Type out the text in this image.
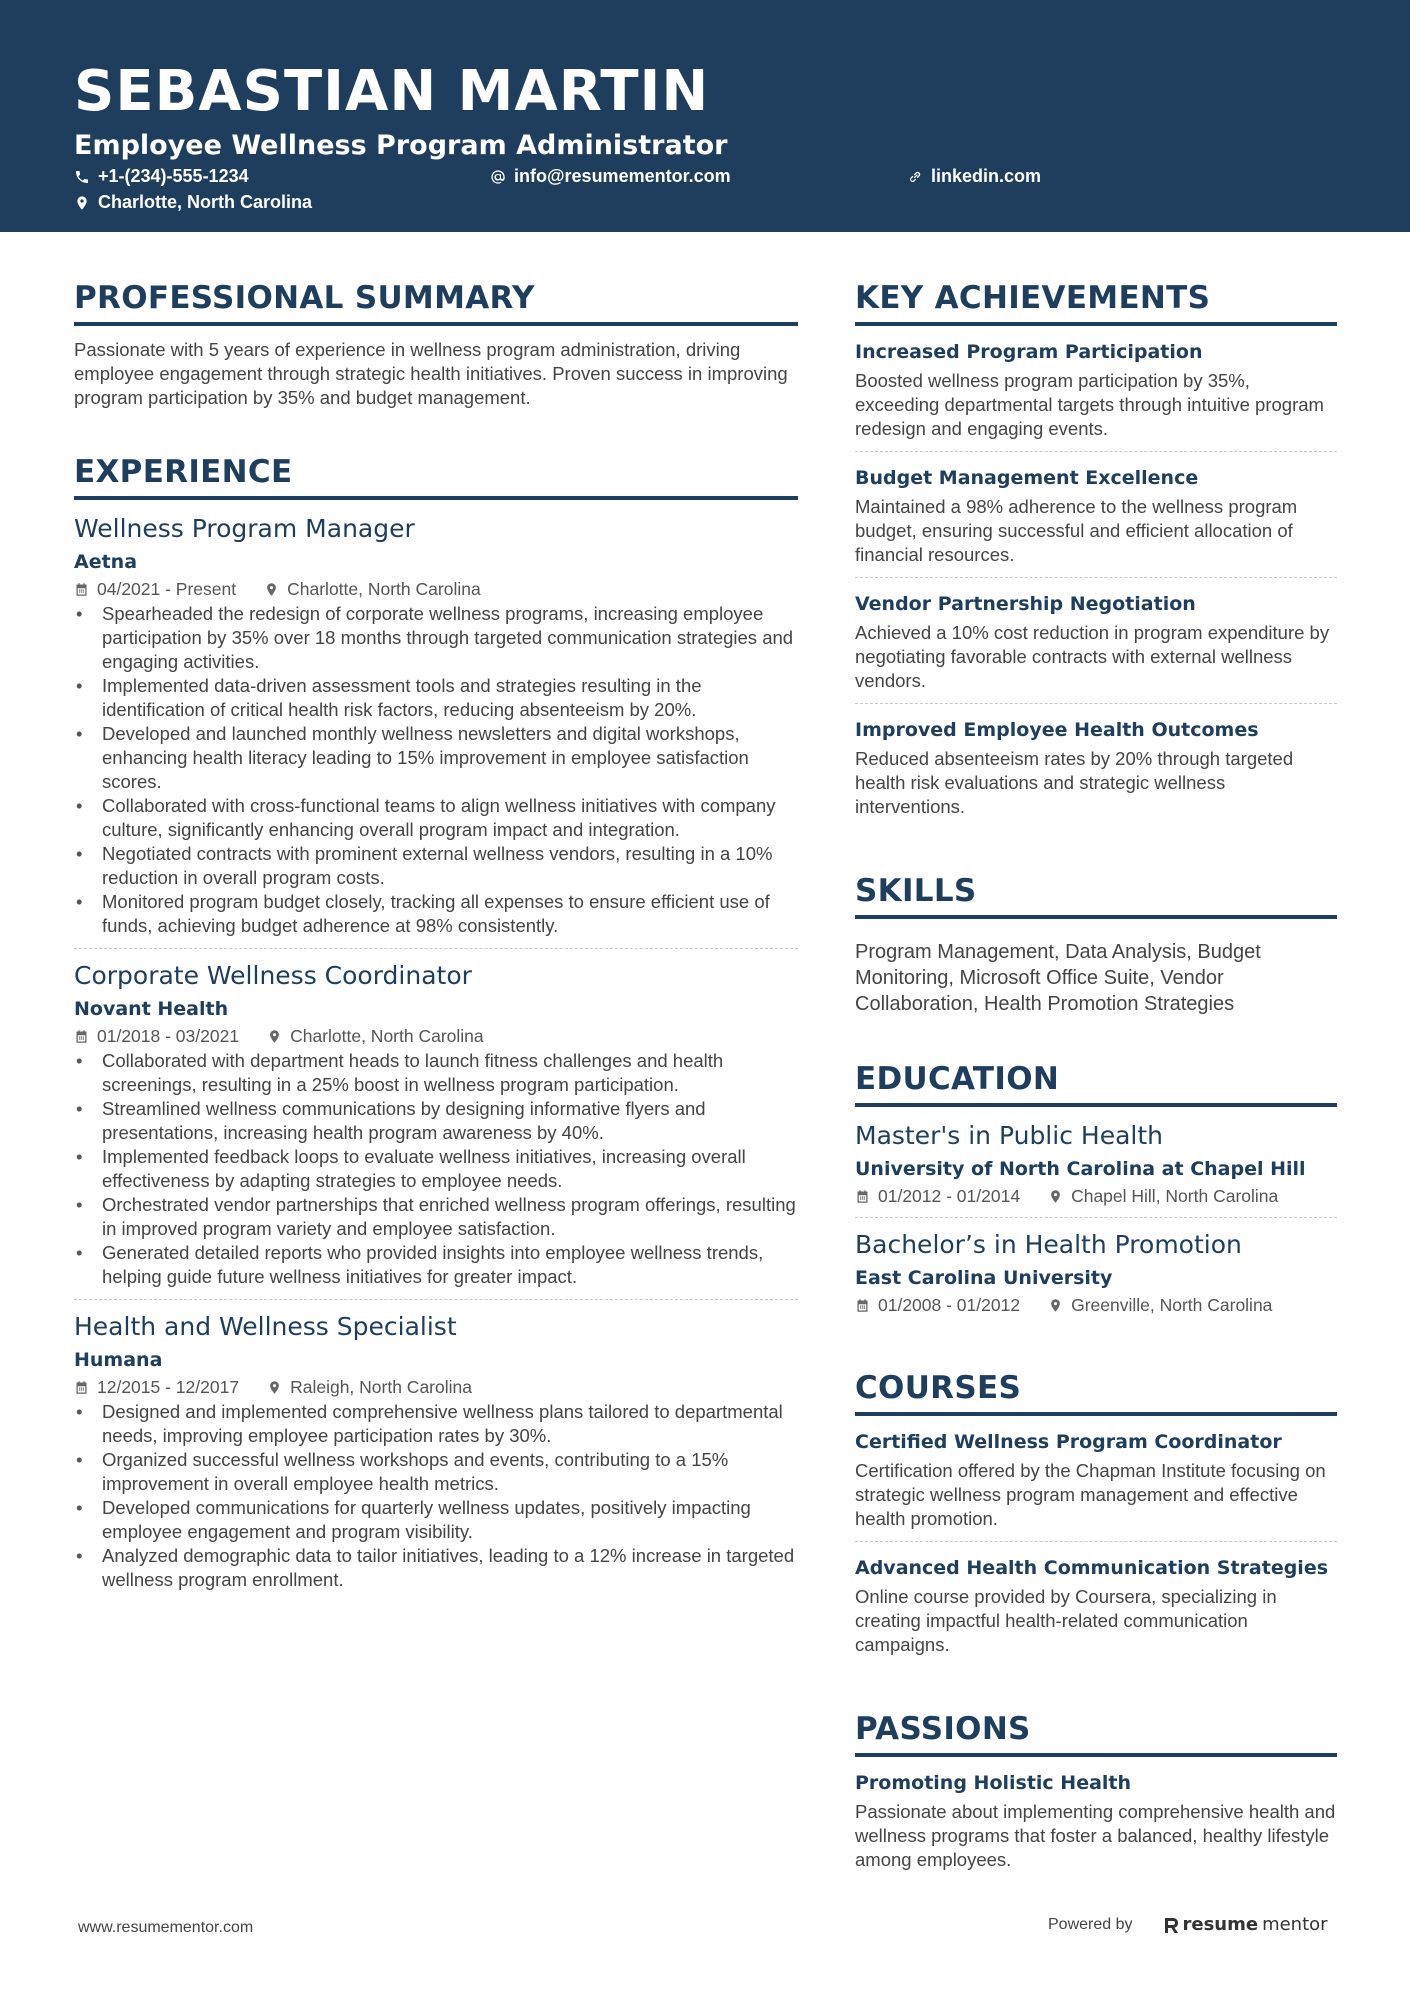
SEBASTIAN MARTIN
Employee Wellness Program Administrator
+1-(234)-555-1234	info@resumementor.com	linkedin.com
Charlotte, North Carolina
PROFESSIONAL SUMMARY
Passionate with 5 years of experience in wellness program administration, driving employee engagement through strategic health initiatives. Proven success in improving program participation by 35% and budget management.
EXPERIENCE
Wellness Program Manager
Aetna
04/2021 - Present	Charlotte, North Carolina
• Spearheaded the redesign of corporate wellness programs, increasing employee participation by 35% over 18 months through targeted communication strategies and engaging activities.
• Implemented data-driven assessment tools and strategies resulting in the identification of critical health risk factors, reducing absenteeism by 20%.
• Developed and launched monthly wellness newsletters and digital workshops, enhancing health literacy leading to 15% improvement in employee satisfaction scores.
• Collaborated with cross-functional teams to align wellness initiatives with company culture, significantly enhancing overall program impact and integration.
• Negotiated contracts with prominent external wellness vendors, resulting in a 10% reduction in overall program costs.
• Monitored program budget closely, tracking all expenses to ensure efficient use of funds, achieving budget adherence at 98% consistently.
Corporate Wellness Coordinator
Novant Health
01/2018 - 03/2021	Charlotte, North Carolina
• Collaborated with department heads to launch fitness challenges and health screenings, resulting in a 25% boost in wellness program participation.
• Streamlined wellness communications by designing informative flyers and presentations, increasing health program awareness by 40%.
• Implemented feedback loops to evaluate wellness initiatives, increasing overall effectiveness by adapting strategies to employee needs.
• Orchestrated vendor partnerships that enriched wellness program offerings, resulting in improved program variety and employee satisfaction.
• Generated detailed reports who provided insights into employee wellness trends, helping guide future wellness initiatives for greater impact.
Health and Wellness Specialist
Humana
12/2015 - 12/2017	Raleigh, North Carolina
• Designed and implemented comprehensive wellness plans tailored to departmental needs, improving employee participation rates by 30%.
• Organized successful wellness workshops and events, contributing to a 15% improvement in overall employee health metrics.
• Developed communications for quarterly wellness updates, positively impacting employee engagement and program visibility.
• Analyzed demographic data to tailor initiatives, leading to a 12% increase in targeted wellness program enrollment.
KEY ACHIEVEMENTS
Increased Program Participation
Boosted wellness program participation by 35%, exceeding departmental targets through intuitive program redesign and engaging events.
Budget Management Excellence
Maintained a 98% adherence to the wellness program budget, ensuring successful and efficient allocation of financial resources.
Vendor Partnership Negotiation
Achieved a 10% cost reduction in program expenditure by negotiating favorable contracts with external wellness vendors.
Improved Employee Health Outcomes
Reduced absenteeism rates by 20% through targeted health risk evaluations and strategic wellness interventions.
SKILLS
Program Management, Data Analysis, Budget Monitoring, Microsoft Office Suite, Vendor Collaboration, Health Promotion Strategies
EDUCATION
Master's in Public Health
University of North Carolina at Chapel Hill
01/2012 - 01/2014	Chapel Hill, North Carolina
Bachelor’s in Health Promotion
East Carolina University
01/2008 - 01/2012	Greenville, North Carolina
COURSES
Certified Wellness Program Coordinator
Certification offered by the Chapman Institute focusing on strategic wellness program management and effective health promotion.
Advanced Health Communication Strategies
Online course provided by Coursera, specializing in creating impactful health-related communication campaigns.
PASSIONS
Promoting Holistic Health
Passionate about implementing comprehensive health and wellness programs that foster a balanced, healthy lifestyle among employees.
www.resumementor.com	Powered by	resume mentor
